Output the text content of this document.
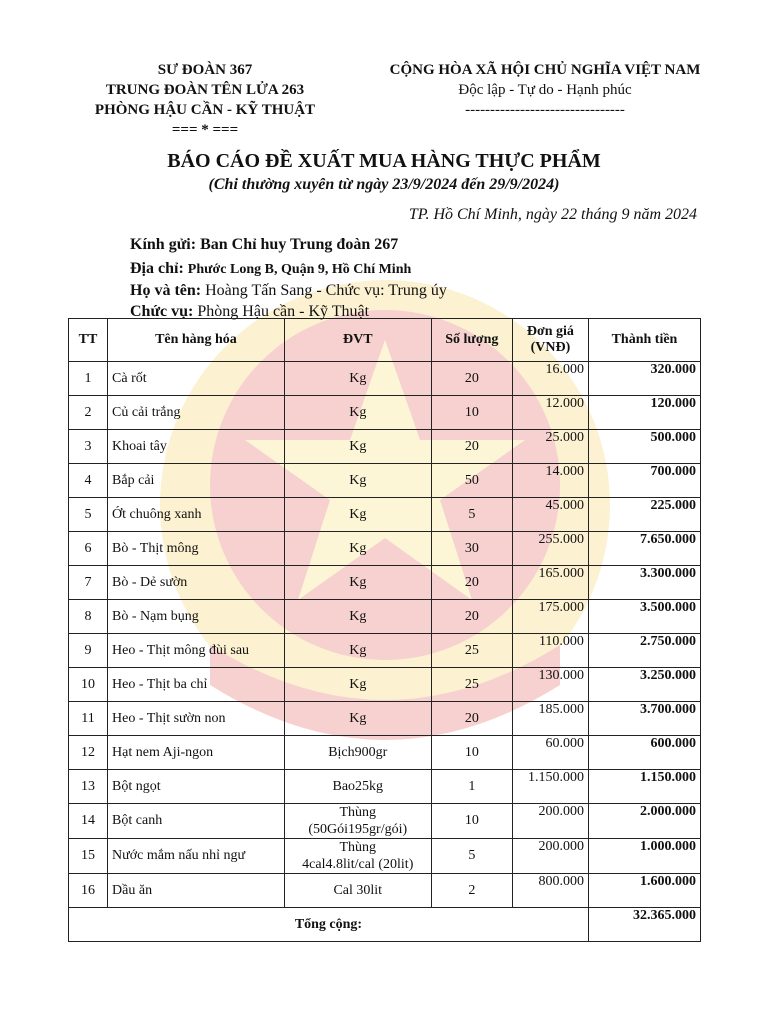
SƯ ĐOÀN 367
TRUNG ĐOÀN TÊN LỬA 263
PHÒNG HẬU CẦN - KỸ THUẬT
=== * ===
CỘNG HÒA XÃ HỘI CHỦ NGHĨA VIỆT NAM
Độc lập - Tự do - Hạnh phúc
--------------------------------
BÁO CÁO ĐỀ XUẤT MUA HÀNG THỰC PHẨM
(Chi thường xuyên từ ngày 23/9/2024 đến 29/9/2024)
TP. Hồ Chí Minh, ngày 22 tháng 9 năm 2024
Kính gửi: Ban Chỉ huy Trung đoàn 267
Địa chỉ: Phước Long B, Quận 9, Hồ Chí Minh
Họ và tên: Hoàng Tấn Sang - Chức vụ: Trung úy
Chức vụ: Phòng Hậu cần - Kỹ Thuật
TT	Tên hàng hóa	ĐVT	Số lượng	Đơn giá
(VNĐ)	Thành tiền
1	Cà rốt	Kg	20	16.000	320.000
2	Củ cải trắng	Kg	10	12.000	120.000
3	Khoai tây	Kg	20	25.000	500.000
4	Bắp cải	Kg	50	14.000	700.000
5	Ớt chuông xanh	Kg	5	45.000	225.000
6	Bò - Thịt mông	Kg	30	255.000	7.650.000
7	Bò - Dẻ sườn	Kg	20	165.000	3.300.000
8	Bò - Nạm bụng	Kg	20	175.000	3.500.000
9	Heo - Thịt mông đùi sau	Kg	25	110.000	2.750.000
10	Heo - Thịt ba chỉ	Kg	25	130.000	3.250.000
11	Heo - Thịt sườn non	Kg	20	185.000	3.700.000
12	Hạt nem Aji-ngon	Bịch900gr	10	60.000	600.000
13	Bột ngọt	Bao25kg	1	1.150.000	1.150.000
14	Bột canh	Thùng
(50Gói195gr/gói)	10	200.000	2.000.000
15	Nước mắm nấu nhỉ ngư	Thùng
4cal4.8lit/cal (20lit)	5	200.000	1.000.000
16	Dầu ăn	Cal 30lit	2	800.000	1.600.000
Tổng cộng:					32.365.000
